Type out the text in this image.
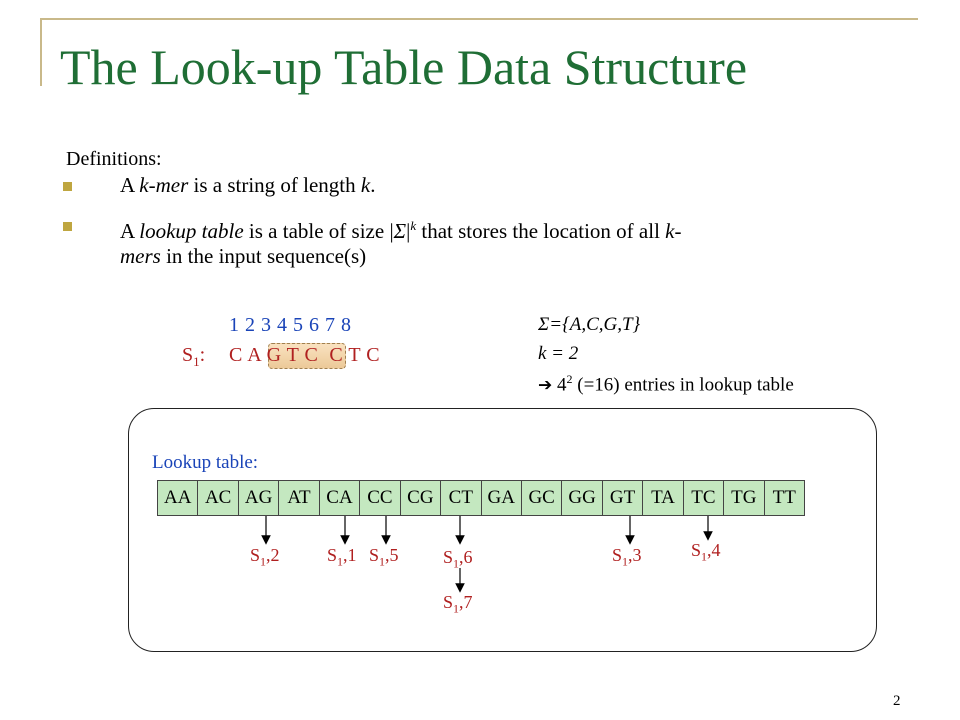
The Look-up Table Data Structure
Definitions:
A k-mer is a string of length k.
A lookup table is a table of size $|\Sigma|^k$ that stores the location of all k-
mers in the input sequence(s)
1 2 3 4 5 6 7 8
$S_1$: C A G T C  C T C
Σ={A,C,G,T}
k = 2
➔ $4^2$ (=16) entries in lookup table
Lookup table:
AA AC AG AT CA CC CG CT GA GC GG GT TA TC TG TT
$S_1,2$	$S_1,1$ $S_1,5$ $S_1,6$	$S_1,3$	$S_1,4$
$S_1,7$
2
